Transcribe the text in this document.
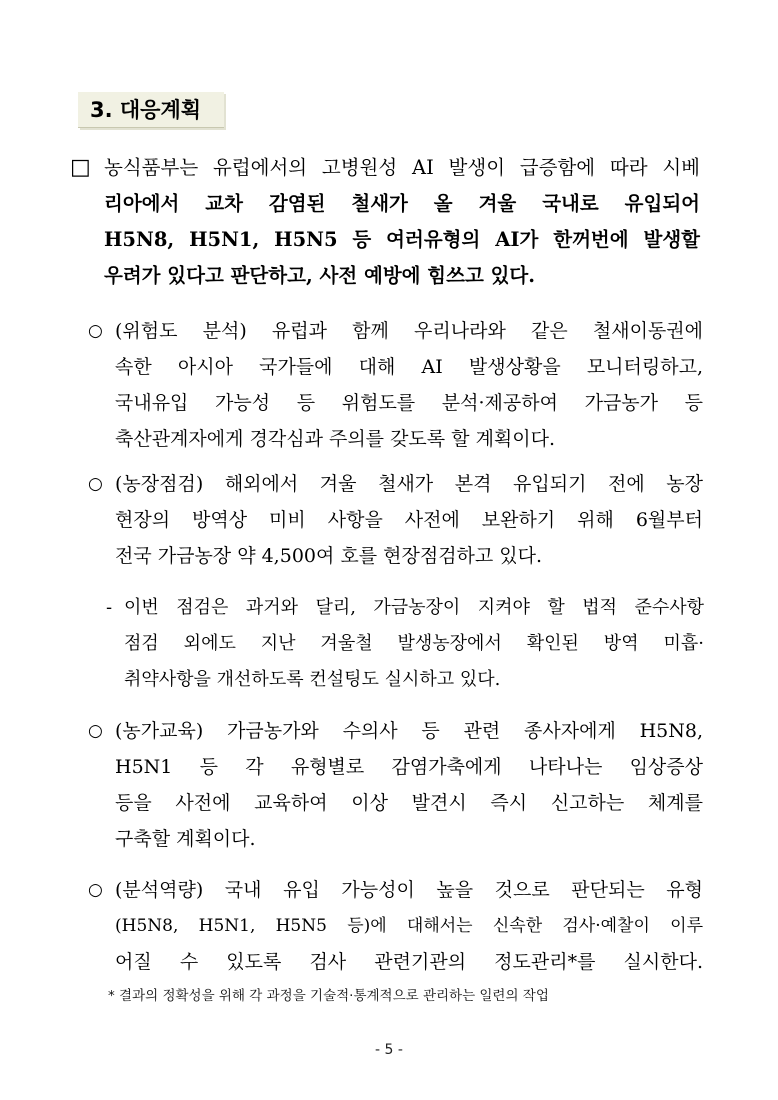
3. 대응계획
□ 농식품부는 유럽에서의 고병원성 AI 발생이 급증함에 따라 시베
리아에서 교차 감염된 철새가 올 겨울 국내로 유입되어
H5N8, H5N1, H5N5 등 여러유형의 AI가 한꺼번에 발생할
우려가 있다고 판단하고, 사전 예방에 힘쓰고 있다.
○ (위험도 분석) 유럽과 함께 우리나라와 같은 철새이동권에
속한 아시아 국가들에 대해 AI 발생상황을 모니터링하고,
국내유입 가능성 등 위험도를 분석·제공하여 가금농가 등
축산관계자에게 경각심과 주의를 갖도록 할 계획이다.
○ (농장점검) 해외에서 겨울 철새가 본격 유입되기 전에 농장
현장의 방역상 미비 사항을 사전에 보완하기 위해 6월부터
전국 가금농장 약 4,500여 호를 현장점검하고 있다.
- 이번 점검은 과거와 달리, 가금농장이 지켜야 할 법적 준수사항
점검 외에도 지난 겨울철 발생농장에서 확인된 방역 미흡·
취약사항을 개선하도록 컨설팅도 실시하고 있다.
○ (농가교육) 가금농가와 수의사 등 관련 종사자에게 H5N8,
H5N1 등 각 유형별로 감염가축에게 나타나는 임상증상
등을 사전에 교육하여 이상 발견시 즉시 신고하는 체계를
구축할 계획이다.
○ (분석역량) 국내 유입 가능성이 높을 것으로 판단되는 유형
(H5N8, H5N1, H5N5 등)에 대해서는 신속한 검사·예찰이 이루
어질 수 있도록 검사 관련기관의 정도관리*를 실시한다.
* 결과의 정확성을 위해 각 과정을 기술적·통계적으로 관리하는 일련의 작업
- 5 -
